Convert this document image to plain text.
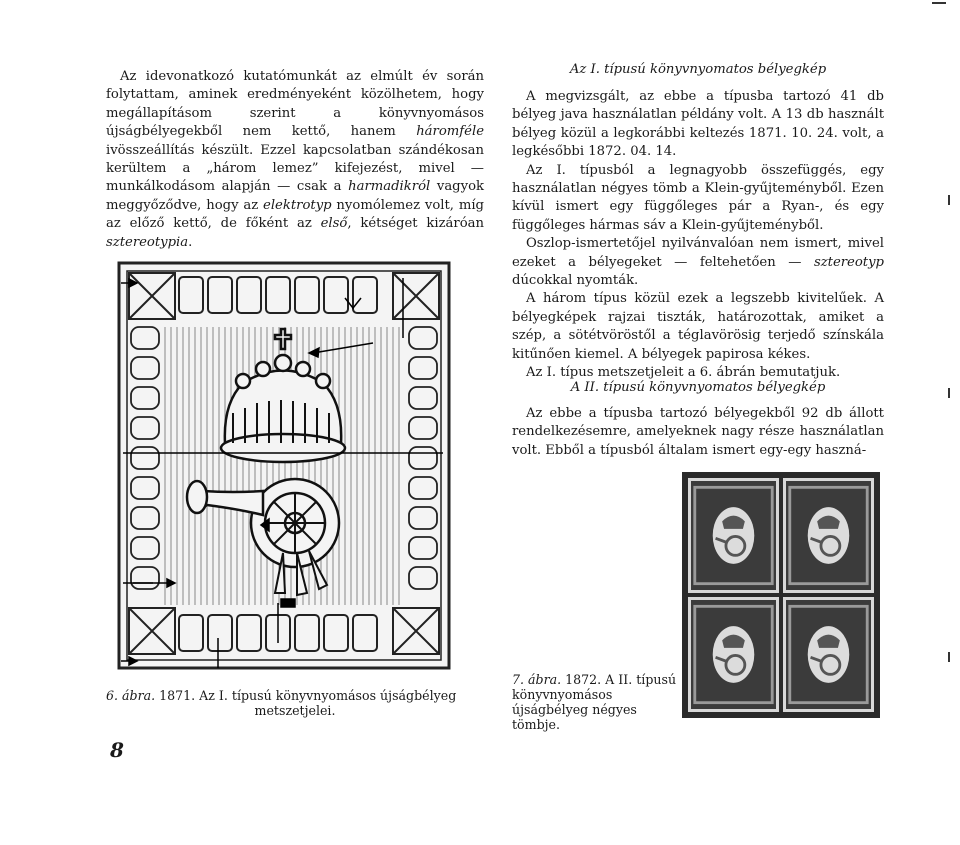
Az idevonatkozó kutatómunkát az elmúlt év során folytattam, aminek eredményeként közölhetem, hogy megállapításom szerint a könyvnyomásos újságbélyegekből nem kettő, hanem háromféle ivösszeállítás készült. Ezzel kapcsolatban szándékosan kerültem a „három lemez” kifejezést, mivel — munkálkodásom alapján — csak a harmadikról vagyok meggyőződve, hogy az elektrotyp nyomólemez volt, míg az előző kettő, de főként az első, kétséget kizáróan sztereotypia.

6. ábra. 1871. Az I. típusú könyvnyomásos újságbélyeg
metszetjelei.
8
Az I. típusú könyvnyomatos bélyegkép

A megvizsgált, az ebbe a típusba tartozó 41 db bélyeg java használatlan példány volt. A 13 db használt bélyeg közül a legkorábbi keltezés 1871. 10. 24. volt, a legkésőbbi 1872. 04. 14.

Az I. típusból a legnagyobb összefüggés, egy használatlan négyes tömb a Klein-gyűjteményből. Ezen kívül ismert egy függőleges pár a Ryan-, és egy függőleges hármas sáv a Klein-gyűjteményből.

Oszlop-ismertetőjel nyilvánvalóan nem ismert, mivel ezeket a bélyegeket — feltehetően — sztereotyp dúcokkal nyomták.

A három típus közül ezek a legszebb kivitelűek. A bélyegképek rajzai tiszták, határozottak, amiket a szép, a sötétvöröstől a téglavörösig terjedő színskála kitűnően kiemel. A bélyegek papirosa kékes.

Az I. típus metszetjeleit a 6. ábrán bemutatjuk.

A II. típusú könyvnyomatos bélyegkép

Az ebbe a típusba tartozó bélyegekből 92 db állott rendelkezésemre, amelyeknek nagy része használatlan volt. Ebből a típusból általam ismert egy-egy haszná-

7. ábra. 1872. A II. típusú könyvnyomásos újságbélyeg négyes tömbje.
